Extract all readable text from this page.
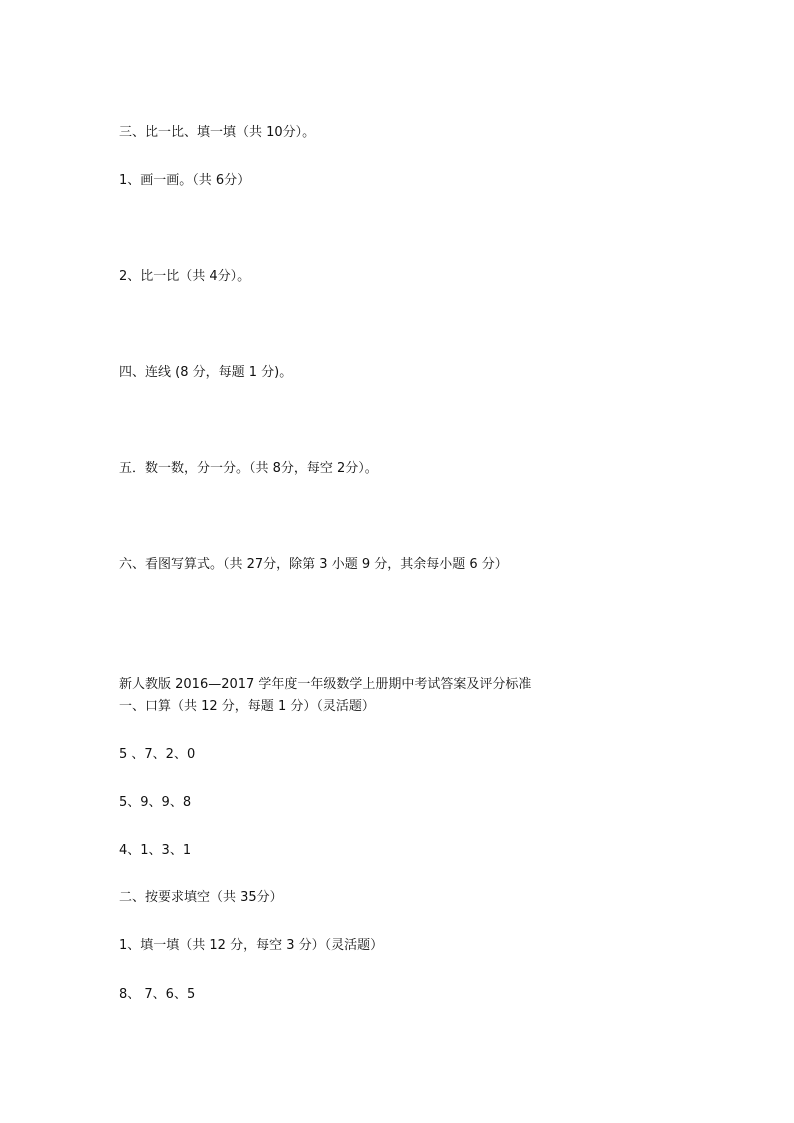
三、比一比、填一填（共 10分）。
1、画一画。（共 6分）
2、比一比（共 4分）。
四、连线 (8 分，每题 1 分)。
五．数一数，分一分。（共 8分，每空 2分）。
六、看图写算式。（共 27分，除第 3 小题 9 分，其余每小题 6 分）
新人教版 2016—2017 学年度一年级数学上册期中考试答案及评分标准
一、口算（共 12 分，每题 1 分）（灵活题）
5 、7、2、0
5、9、9、8
4、1、3、1
二、按要求填空（共 35分）
1、填一填（共 12 分，每空 3 分）（灵活题）
8、 7、6、5
